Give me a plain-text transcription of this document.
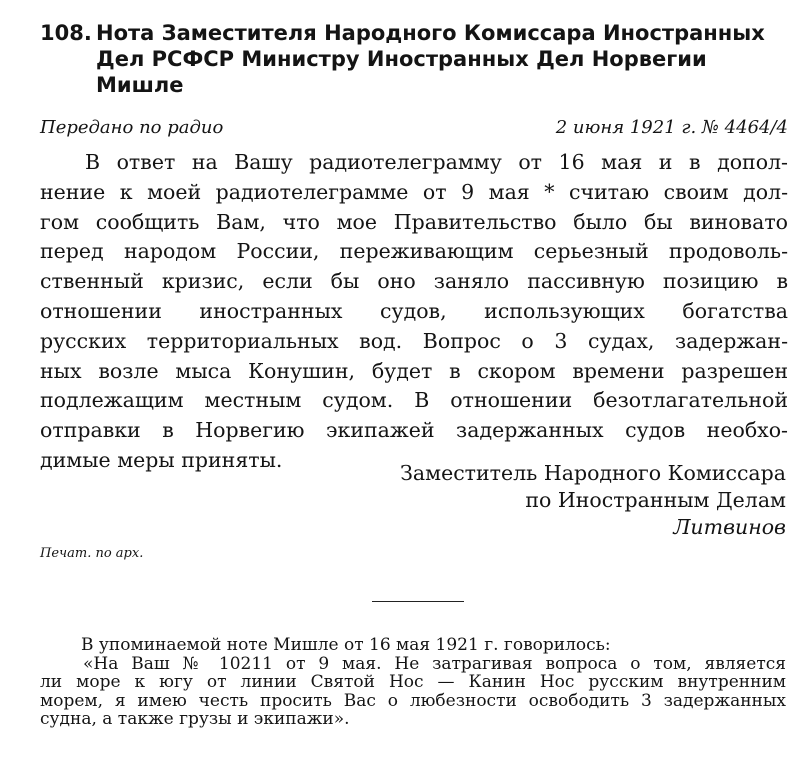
108. Нота Заместителя Народного Комиссара Иностранных
Дел РСФСР Министру Иностранных Дел Норвегии
Мишле
Передано по радио	2 июня 1921 г. № 4464/4
В ответ на Вашу радиотелеграмму от 16 мая и в допол-
нение к моей радиотелеграмме от 9 мая * считаю своим дол-
гом сообщить Вам, что мое Правительство было бы виновато
перед народом России, переживающим серьезный продоволь-
ственный кризис, если бы оно заняло пассивную позицию в
отношении иностранных судов, использующих богатства
русских территориальных вод. Вопрос о 3 судах, задержан-
ных возле мыса Конушин, будет в скором времени разрешен
подлежащим местным судом. В отношении безотлагательной
отправки в Норвегию экипажей задержанных судов необхо-
димые меры приняты.
Заместитель Народного Комиссара
по Иностранным Делам
Литвинов
Печат. по арх.
В упоминаемой ноте Мишле от 16 мая 1921 г. говорилось:
«На Ваш № 10211 от 9 мая. Не затрагивая вопроса о том, является
ли море к югу от линии Святой Нос — Канин Нос русским внутренним
морем, я имею честь просить Вас о любезности освободить 3 задержанных
судна, а также грузы и экипажи».
